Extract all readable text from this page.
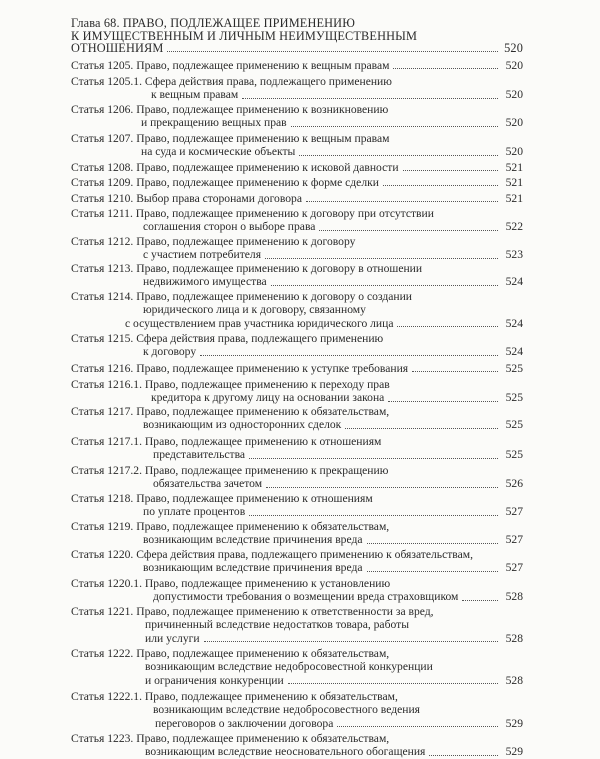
Глава 68. ПРАВО, ПОДЛЕЖАЩЕЕ ПРИМЕНЕНИЮ
К ИМУЩЕСТВЕННЫМ И ЛИЧНЫМ НЕИМУЩЕСТВЕННЫМ
ОТНОШЕНИЯМ	520
Статья 1205. Право, подлежащее применению к вещным правам	520
Статья 1205.1. Сфера действия права, подлежащего применению
к вещным правам	520
Статья 1206. Право, подлежащее применению к возникновению
и прекращению вещных прав	520
Статья 1207. Право, подлежащее применению к вещным правам
на суда и космические объекты	520
Статья 1208. Право, подлежащее применению к исковой давности	521
Статья 1209. Право, подлежащее применению к форме сделки	521
Статья 1210. Выбор права сторонами договора	521
Статья 1211. Право, подлежащее применению к договору при отсутствии
соглашения сторон о выборе права	522
Статья 1212. Право, подлежащее применению к договору
с участием потребителя	523
Статья 1213. Право, подлежащее применению к договору в отношении
недвижимого имущества	524
Статья 1214. Право, подлежащее применению к договору о создании
юридического лица и к договору, связанному
с осуществлением прав участника юридического лица	524
Статья 1215. Сфера действия права, подлежащего применению
к договору	524
Статья 1216. Право, подлежащее применению к уступке требования	525
Статья 1216.1. Право, подлежащее применению к переходу прав
кредитора к другому лицу на основании закона	525
Статья 1217. Право, подлежащее применению к обязательствам,
возникающим из односторонних сделок	525
Статья 1217.1. Право, подлежащее применению к отношениям
представительства	525
Статья 1217.2. Право, подлежащее применению к прекращению
обязательства зачетом	526
Статья 1218. Право, подлежащее применению к отношениям
по уплате процентов	527
Статья 1219. Право, подлежащее применению к обязательствам,
возникающим вследствие причинения вреда	527
Статья 1220. Сфера действия права, подлежащего применению к обязательствам,
возникающим вследствие причинения вреда	527
Статья 1220.1. Право, подлежащее применению к установлению
допустимости требования о возмещении вреда страховщиком	528
Статья 1221. Право, подлежащее применению к ответственности за вред,
причиненный вследствие недостатков товара, работы
или услуги	528
Статья 1222. Право, подлежащее применению к обязательствам,
возникающим вследствие недобросовестной конкуренции
и ограничения конкуренции	528
Статья 1222.1. Право, подлежащее применению к обязательствам,
возникающим вследствие недобросовестного ведения
переговоров о заключении договора	529
Статья 1223. Право, подлежащее применению к обязательствам,
возникающим вследствие неосновательного обогащения	529
